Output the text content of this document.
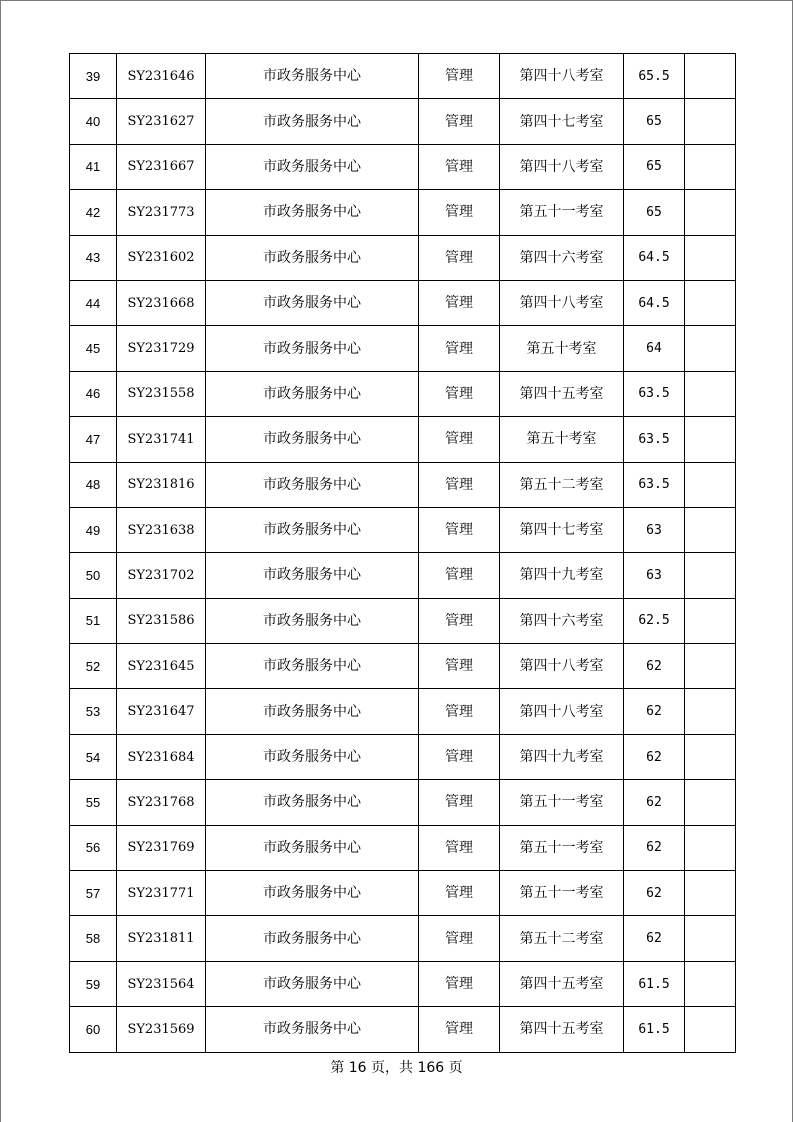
39	SY231646	市政务服务中心	管理	第四十八考室	65.5	
40	SY231627	市政务服务中心	管理	第四十七考室	65	
41	SY231667	市政务服务中心	管理	第四十八考室	65	
42	SY231773	市政务服务中心	管理	第五十一考室	65	
43	SY231602	市政务服务中心	管理	第四十六考室	64.5	
44	SY231668	市政务服务中心	管理	第四十八考室	64.5	
45	SY231729	市政务服务中心	管理	第五十考室	64	
46	SY231558	市政务服务中心	管理	第四十五考室	63.5	
47	SY231741	市政务服务中心	管理	第五十考室	63.5	
48	SY231816	市政务服务中心	管理	第五十二考室	63.5	
49	SY231638	市政务服务中心	管理	第四十七考室	63	
50	SY231702	市政务服务中心	管理	第四十九考室	63	
51	SY231586	市政务服务中心	管理	第四十六考室	62.5	
52	SY231645	市政务服务中心	管理	第四十八考室	62	
53	SY231647	市政务服务中心	管理	第四十八考室	62	
54	SY231684	市政务服务中心	管理	第四十九考室	62	
55	SY231768	市政务服务中心	管理	第五十一考室	62	
56	SY231769	市政务服务中心	管理	第五十一考室	62	
57	SY231771	市政务服务中心	管理	第五十一考室	62	
58	SY231811	市政务服务中心	管理	第五十二考室	62	
59	SY231564	市政务服务中心	管理	第四十五考室	61.5	
60	SY231569	市政务服务中心	管理	第四十五考室	61.5	
第 16 页，共 166 页
